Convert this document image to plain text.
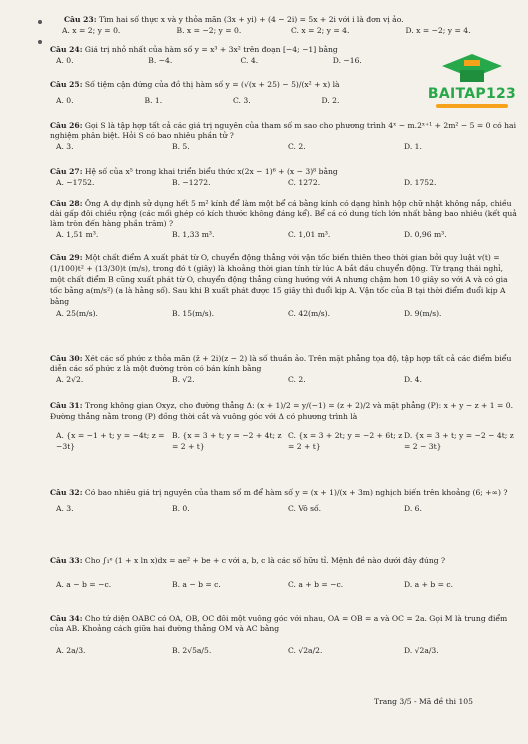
BAITAP123
Câu 23: Tìm hai số thực x và y thỏa mãn (3x + yi) + (4 − 2i) = 5x + 2i với i là đơn vị ảo.
A. x = 2; y = 0.	B. x = −2; y = 0.	C. x = 2; y = 4.	D. x = −2; y = 4.
Câu 24: Giá trị nhỏ nhất của hàm số y = x³ + 3x² trên đoạn [−4; −1] bằng
A. 0.	B. −4.	C. 4.	D. −16.
Câu 25: Số tiệm cận đứng của đồ thị hàm số y = (√(x + 25) − 5)/(x² + x) là
A. 0.	B. 1.	C. 3.	D. 2.
Câu 26: Gọi S là tập hợp tất cả các giá trị nguyên của tham số m sao cho phương trình 4ˣ − m.2ˣ⁺¹ + 2m² − 5 = 0 có hai nghiệm phân biệt. Hỏi S có bao nhiêu phần tử ?
A. 3.	B. 5.	C. 2.	D. 1.
Câu 27: Hệ số của x⁵ trong khai triển biểu thức x(2x − 1)⁶ + (x − 3)⁸ bằng
A. −1752.	B. −1272.	C. 1272.	D. 1752.
Câu 28: Ông A dự định sử dụng hết 5 m² kính để làm một bể cá bằng kính có dạng hình hộp chữ nhật không nắp, chiều dài gấp đôi chiều rộng (các mối ghép có kích thước không đáng kể). Bể cá có dung tích lớn nhất bằng bao nhiêu (kết quả làm tròn đến hàng phần trăm) ?
A. 1,51 m³.	B. 1,33 m³.	C. 1,01 m³.	D. 0,96 m³.
Câu 29: Một chất điểm A xuất phát từ O, chuyển động thẳng với vận tốc biến thiên theo thời gian bởi quy luật v(t) = (1/100)t² + (13/30)t (m/s), trong đó t (giây) là khoảng thời gian tính từ lúc A bắt đầu chuyển động. Từ trạng thái nghỉ, một chất điểm B cũng xuất phát từ O, chuyển động thẳng cùng hướng với A nhưng chậm hơn 10 giây so với A và có gia tốc bằng a(m/s²) (a là hằng số). Sau khi B xuất phát được 15 giây thì đuổi kịp A. Vận tốc của B tại thời điểm đuổi kịp A bằng
A. 25(m/s).	B. 15(m/s).	C. 42(m/s).	D. 9(m/s).
Câu 30: Xét các số phức z thỏa mãn (z̄ + 2i)(z − 2) là số thuần ảo. Trên mặt phẳng tọa độ, tập hợp tất cả các điểm biểu diễn các số phức z là một đường tròn có bán kính bằng
A. 2√2.	B. √2.	C. 2.	D. 4.
Câu 31: Trong không gian Oxyz, cho đường thẳng Δ: (x + 1)/2 = y/(−1) = (z + 2)/2 và mặt phẳng (P): x + y − z + 1 = 0. Đường thẳng nằm trong (P) đồng thời cắt và vuông góc với Δ có phương trình là
A. {x = −1 + t; y = −4t; z = −3t}
B. {x = 3 + t; y = −2 + 4t; z = 2 + t}
C. {x = 3 + 2t; y = −2 + 6t; z = 2 + t}
D. {x = 3 + t; y = −2 − 4t; z = 2 − 3t}
Câu 32: Có bao nhiêu giá trị nguyên của tham số m để hàm số y = (x + 1)/(x + 3m) nghịch biến trên khoảng (6; +∞) ?
A. 3.	B. 0.	C. Vô số.	D. 6.
Câu 33: Cho ∫₁ᵉ (1 + x ln x)dx = ae² + be + c với a, b, c là các số hữu tỉ. Mệnh đề nào dưới đây đúng ?
A. a − b = −c.	B. a − b = c.	C. a + b = −c.	D. a + b = c.
Câu 34: Cho tứ diện OABC có OA, OB, OC đôi một vuông góc với nhau, OA = OB = a và OC = 2a. Gọi M là trung điểm của AB. Khoảng cách giữa hai đường thẳng OM và AC bằng
A. 2a/3.	B. 2√5a/5.	C. √2a/2.	D. √2a/3.
Trang 3/5 - Mã đề thi 105
